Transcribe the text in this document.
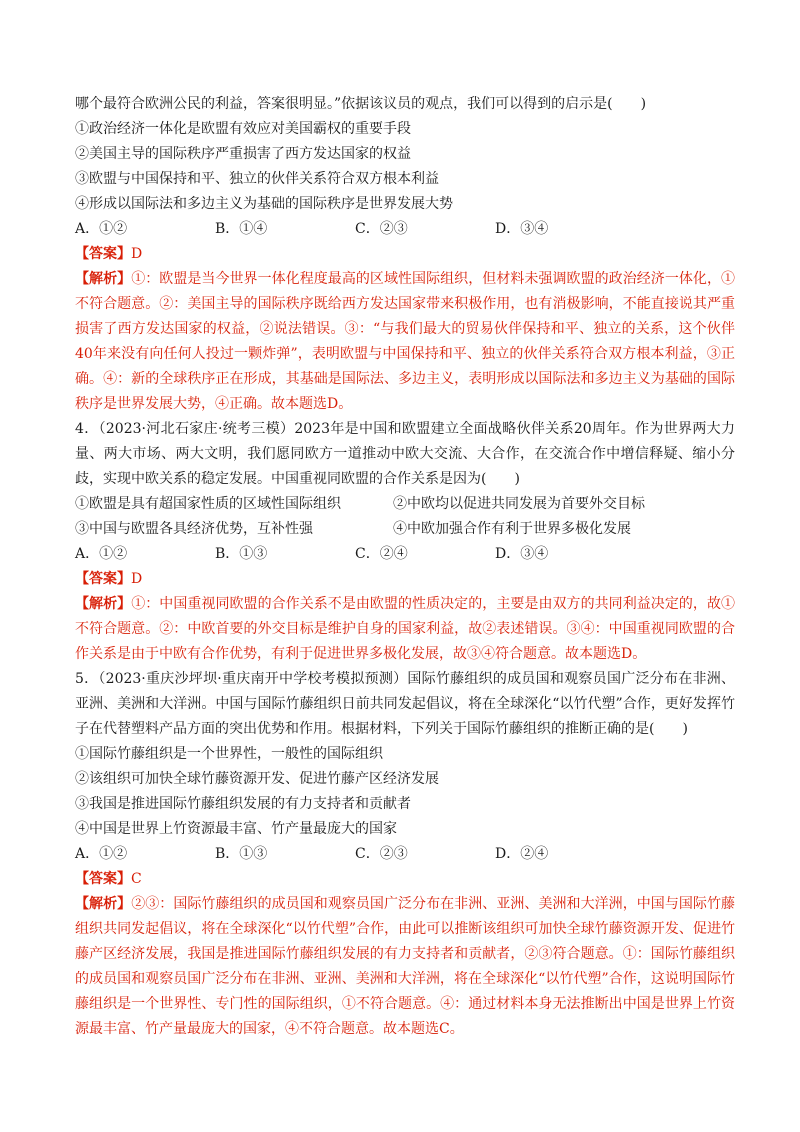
哪个最符合欧洲公民的利益，答案很明显。”依据该议员的观点，我们可以得到的启示是(　　)
①政治经济一体化是欧盟有效应对美国霸权的重要手段
②美国主导的国际秩序严重损害了西方发达国家的权益
③欧盟与中国保持和平、独立的伙伴关系符合双方根本利益
④形成以国际法和多边主义为基础的国际秩序是世界发展大势
A．①②	B．①④	C．②③	D．③④
【答案】D
【解析】①：欧盟是当今世界一体化程度最高的区域性国际组织，但材料未强调欧盟的政治经济一体化，①不符合题意。②：美国主导的国际秩序既给西方发达国家带来积极作用，也有消极影响，不能直接说其严重损害了西方发达国家的权益，②说法错误。③：“与我们最大的贸易伙伴保持和平、独立的关系，这个伙伴40年来没有向任何人投过一颗炸弹”，表明欧盟与中国保持和平、独立的伙伴关系符合双方根本利益，③正确。④：新的全球秩序正在形成，其基础是国际法、多边主义，表明形成以国际法和多边主义为基础的国际秩序是世界发展大势，④正确。故本题选D。
4．（2023·河北石家庄·统考三模）2023年是中国和欧盟建立全面战略伙伴关系20周年。作为世界两大力量、两大市场、两大文明，我们愿同欧方一道推动中欧大交流、大合作，在交流合作中增信释疑、缩小分歧，实现中欧关系的稳定发展。中国重视同欧盟的合作关系是因为(　　)
①欧盟是具有超国家性质的区域性国际组织	②中欧均以促进共同发展为首要外交目标
③中国与欧盟各具经济优势，互补性强	④中欧加强合作有利于世界多极化发展
A．①②	B．①③	C．②④	D．③④
【答案】D
【解析】①：中国重视同欧盟的合作关系不是由欧盟的性质决定的，主要是由双方的共同利益决定的，故①不符合题意。②：中欧首要的外交目标是维护自身的国家利益，故②表述错误。③④：中国重视同欧盟的合作关系是由于中欧有合作优势，有利于促进世界多极化发展，故③④符合题意。故本题选D。
5．（2023·重庆沙坪坝·重庆南开中学校考模拟预测）国际竹藤组织的成员国和观察员国广泛分布在非洲、亚洲、美洲和大洋洲。中国与国际竹藤组织日前共同发起倡议，将在全球深化“以竹代塑”合作，更好发挥竹子在代替塑料产品方面的突出优势和作用。根据材料，下列关于国际竹藤组织的推断正确的是(　　)
①国际竹藤组织是一个世界性，一般性的国际组织
②该组织可加快全球竹藤资源开发、促进竹藤产区经济发展
③我国是推进国际竹藤组织发展的有力支持者和贡献者
④中国是世界上竹资源最丰富、竹产量最庞大的国家
A．①②	B．①③	C．②③	D．②④
【答案】C
【解析】②③：国际竹藤组织的成员国和观察员国广泛分布在非洲、亚洲、美洲和大洋洲，中国与国际竹藤组织共同发起倡议，将在全球深化“以竹代塑”合作，由此可以推断该组织可加快全球竹藤资源开发、促进竹藤产区经济发展，我国是推进国际竹藤组织发展的有力支持者和贡献者，②③符合题意。①：国际竹藤组织的成员国和观察员国广泛分布在非洲、亚洲、美洲和大洋洲，将在全球深化“以竹代塑”合作，这说明国际竹藤组织是一个世界性、专门性的国际组织，①不符合题意。④：通过材料本身无法推断出中国是世界上竹资源最丰富、竹产量最庞大的国家，④不符合题意。故本题选C。
